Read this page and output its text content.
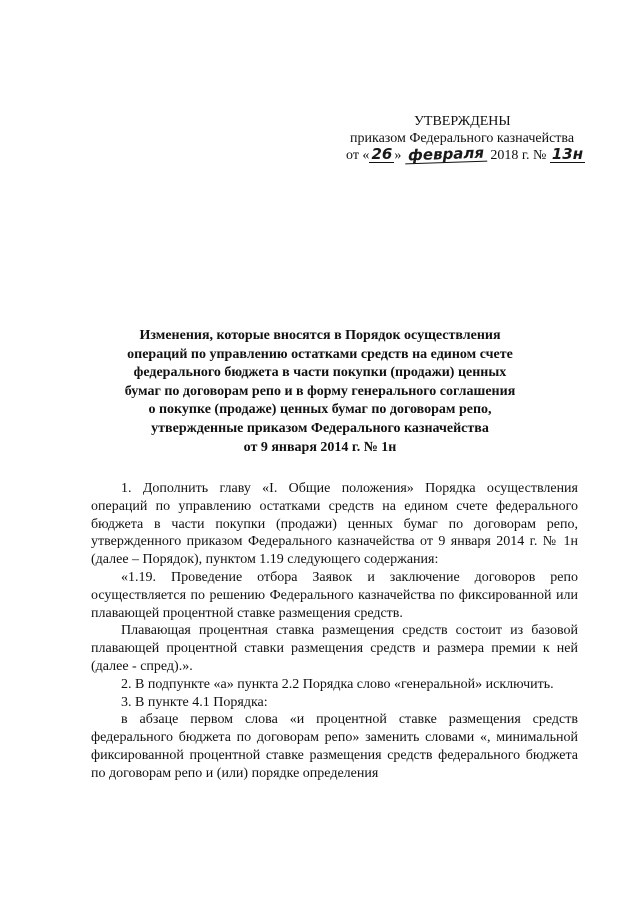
УТВЕРЖДЕНЫ
приказом Федерального казначейства
от « 26 » февраля 2018 г. № 13н
Изменения, которые вносятся в Порядок осуществления
операций по управлению остатками средств на едином счете
федерального бюджета в части покупки (продажи) ценных
бумаг по договорам репо и в форму генерального соглашения
о покупке (продаже) ценных бумаг по договорам репо,
утвержденные приказом Федерального казначейства
от 9 января 2014 г. № 1н

1. Дополнить главу «I. Общие положения» Порядка осуществления операций по управлению остатками средств на едином счете федерального бюджета в части покупки (продажи) ценных бумаг по договорам репо, утвержденного приказом Федерального казначейства от 9 января 2014 г. № 1н (далее – Порядок), пунктом 1.19 следующего содержания:

«1.19. Проведение отбора Заявок и заключение договоров репо осуществляется по решению Федерального казначейства по фиксированной или плавающей процентной ставке размещения средств.

Плавающая процентная ставка размещения средств состоит из базовой плавающей процентной ставки размещения средств и размера премии к ней (далее - спред).».

2. В подпункте «а» пункта 2.2 Порядка слово «генеральной» исключить.

3. В пункте 4.1 Порядка:

в абзаце первом слова «и процентной ставке размещения средств федерального бюджета по договорам репо» заменить словами «, минимальной фиксированной процентной ставке размещения средств федерального бюджета по договорам репо и (или) порядке определения
